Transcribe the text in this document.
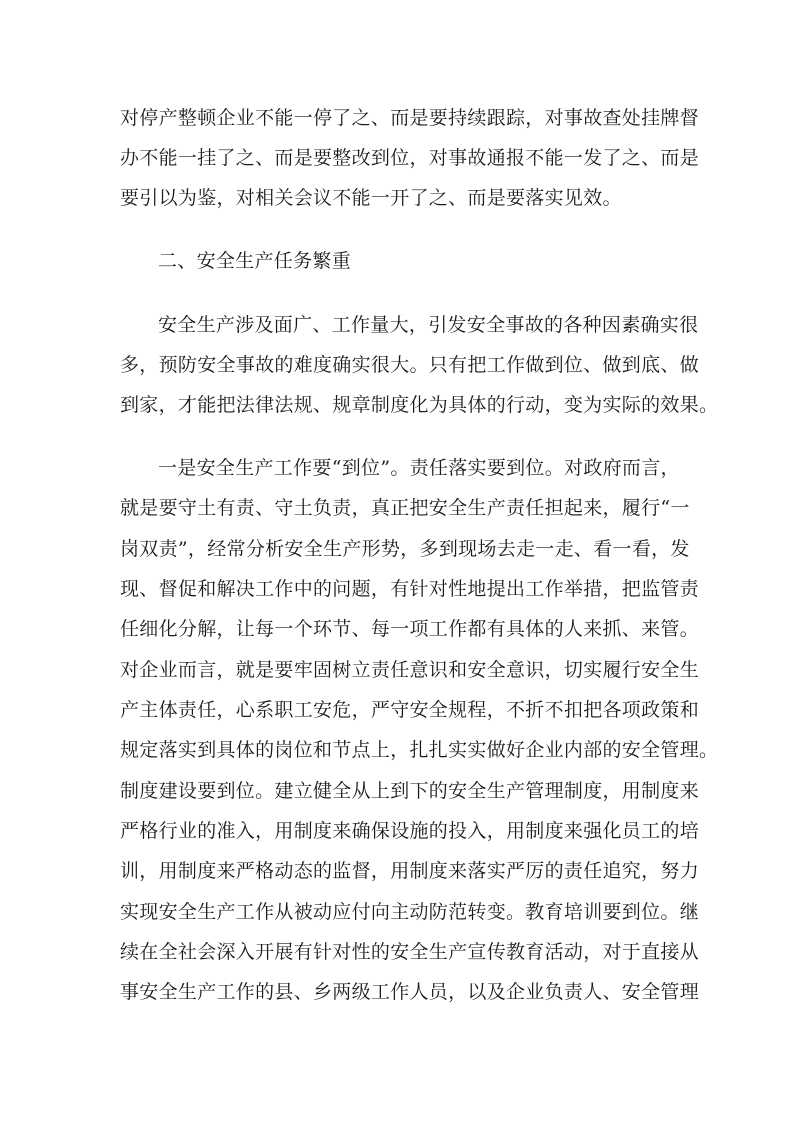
对停产整顿企业不能一停了之、而是要持续跟踪，对事故查处挂牌督
办不能一挂了之、而是要整改到位，对事故通报不能一发了之、而是
要引以为鉴，对相关会议不能一开了之、而是要落实见效。
二、安全生产任务繁重
安全生产涉及面广、工作量大，引发安全事故的各种因素确实很
多，预防安全事故的难度确实很大。只有把工作做到位、做到底、做
到家，才能把法律法规、规章制度化为具体的行动，变为实际的效果。
一是安全生产工作要“到位”。责任落实要到位。对政府而言，
就是要守土有责、守土负责，真正把安全生产责任担起来，履行“一
岗双责”，经常分析安全生产形势，多到现场去走一走、看一看，发
现、督促和解决工作中的问题，有针对性地提出工作举措，把监管责
任细化分解，让每一个环节、每一项工作都有具体的人来抓、来管。
对企业而言，就是要牢固树立责任意识和安全意识，切实履行安全生
产主体责任，心系职工安危，严守安全规程，不折不扣把各项政策和
规定落实到具体的岗位和节点上，扎扎实实做好企业内部的安全管理。
制度建设要到位。建立健全从上到下的安全生产管理制度，用制度来
严格行业的准入，用制度来确保设施的投入，用制度来强化员工的培
训，用制度来严格动态的监督，用制度来落实严厉的责任追究，努力
实现安全生产工作从被动应付向主动防范转变。教育培训要到位。继
续在全社会深入开展有针对性的安全生产宣传教育活动，对于直接从
事安全生产工作的县、乡两级工作人员，以及企业负责人、安全管理
